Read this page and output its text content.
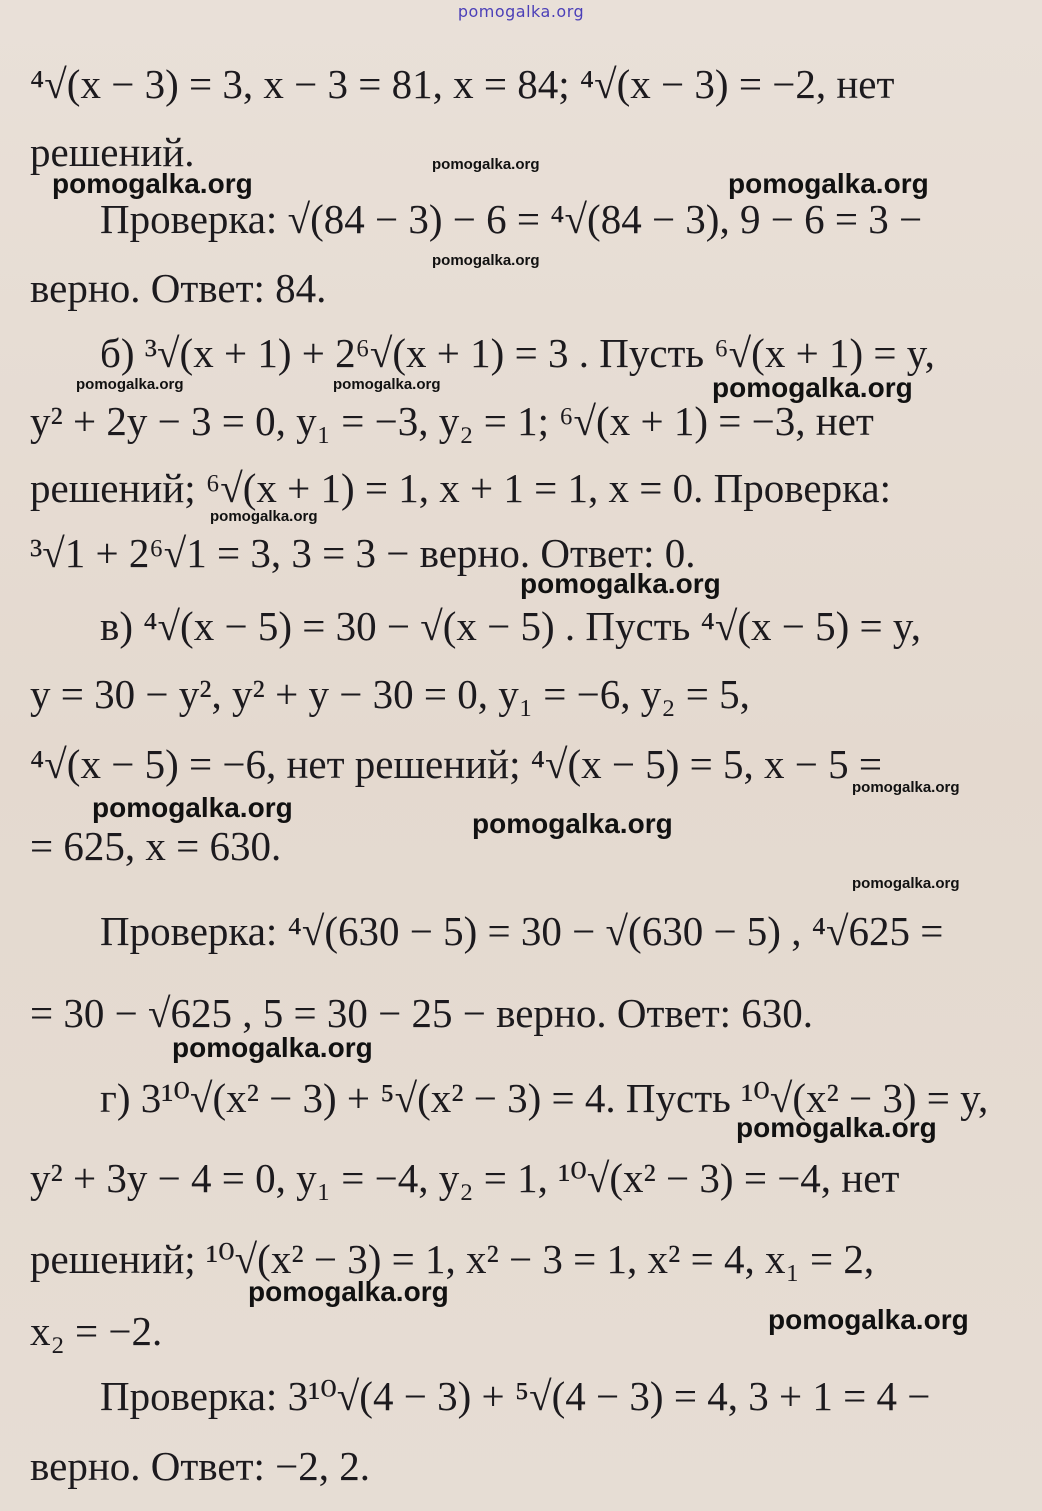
pomogalka.org
⁴√(x − 3) = 3, x − 3 = 81, x = 84; ⁴√(x − 3) = −2, нет
решений.
Проверка: √(84 − 3) − 6 = ⁴√(84 − 3), 9 − 6 = 3 −
верно. Ответ: 84.
б) ³√(x + 1) + 2⁶√(x + 1) = 3 . Пусть ⁶√(x + 1) = y,
y² + 2y − 3 = 0, y₁ = −3, y₂ = 1; ⁶√(x + 1) = −3, нет
решений; ⁶√(x + 1) = 1, x + 1 = 1, x = 0. Проверка:
³√1 + 2⁶√1 = 3, 3 = 3 − верно. Ответ: 0.
в) ⁴√(x − 5) = 30 − √(x − 5) . Пусть ⁴√(x − 5) = y,
y = 30 − y², y² + y − 30 = 0, y₁ = −6, y₂ = 5,
⁴√(x − 5) = −6, нет решений; ⁴√(x − 5) = 5, x − 5 =
= 625, x = 630.
Проверка: ⁴√(630 − 5) = 30 − √(630 − 5) , ⁴√625 =
= 30 − √625 , 5 = 30 − 25 − верно. Ответ: 630.
г) 3¹⁰√(x² − 3) + ⁵√(x² − 3) = 4. Пусть ¹⁰√(x² − 3) = y,
y² + 3y − 4 = 0, y₁ = −4, y₂ = 1, ¹⁰√(x² − 3) = −4, нет
решений; ¹⁰√(x² − 3) = 1, x² − 3 = 1, x² = 4, x₁ = 2,
x₂ = −2.
Проверка: 3¹⁰√(4 − 3) + ⁵√(4 − 3) = 4, 3 + 1 = 4 −
верно. Ответ: −2, 2.
pomogalka.org
pomogalka.org
pomogalka.org
pomogalka.org
pomogalka.org	pomogalka.org	pomogalka.org
pomogalka.org
pomogalka.org
pomogalka.org
pomogalka.org
pomogalka.org
pomogalka.org
pomogalka.org
pomogalka.org
pomogalka.org
pomogalka.org
